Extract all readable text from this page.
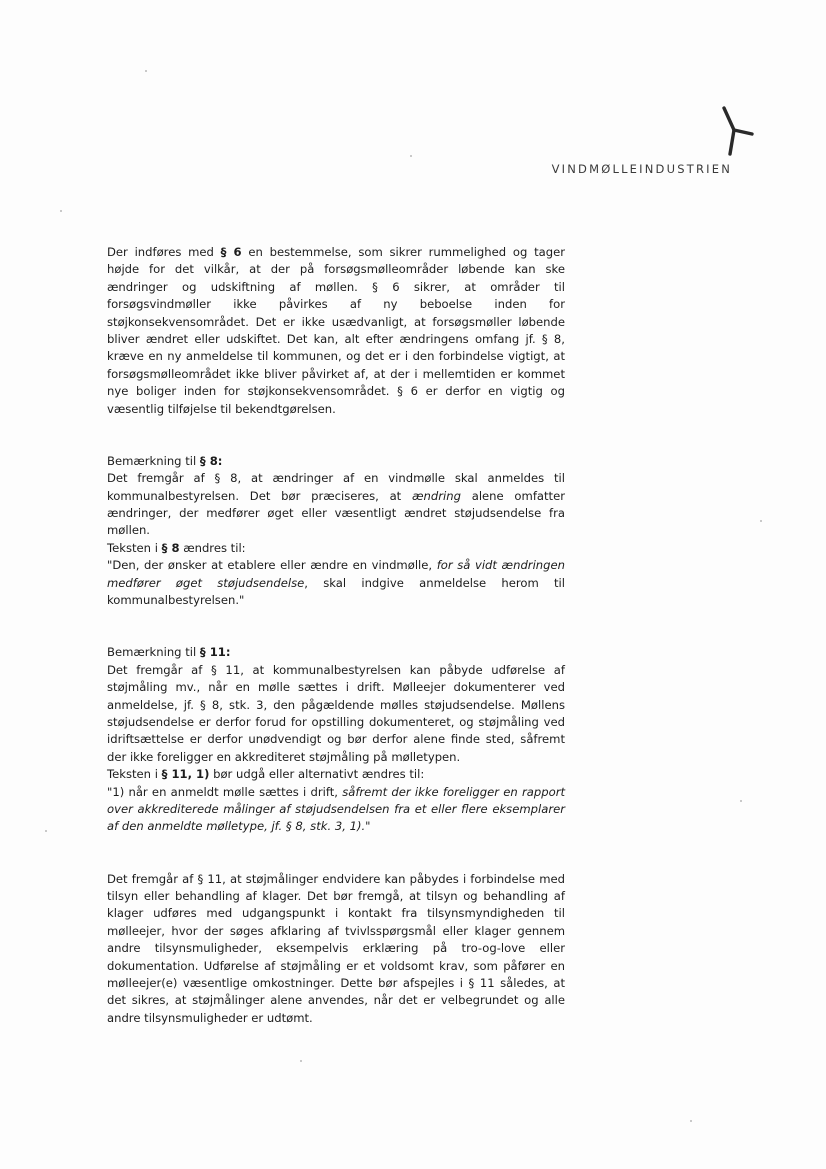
VINDMØLLEINDUSTRIEN

Der indføres med § 6 en bestemmelse, som sikrer rummelighed og tager højde for det vilkår, at der på forsøgsmølleområder løbende kan ske ændringer og udskiftning af møllen. § 6 sikrer, at områder til forsøgsvindmøller ikke påvirkes af ny beboelse inden for støjkonsekvensområdet. Det er ikke usædvanligt, at forsøgsmøller løbende bliver ændret eller udskiftet. Det kan, alt efter ændringens omfang jf. § 8, kræve en ny anmeldelse til kommunen, og det er i den forbindelse vigtigt, at forsøgsmølleområdet ikke bliver påvirket af, at der i mellemtiden er kommet nye boliger inden for støjkonsekvensområdet. § 6 er derfor en vigtig og væsentlig tilføjelse til bekendtgørelsen.

Bemærkning til § 8:

Det fremgår af § 8, at ændringer af en vindmølle skal anmeldes til kommunalbestyrelsen. Det bør præciseres, at ændring alene omfatter ændringer, der medfører øget eller væsentligt ændret støjudsendelse fra møllen.

Teksten i § 8 ændres til:

"Den, der ønsker at etablere eller ændre en vindmølle, for så vidt ændringen medfører øget støjudsendelse, skal indgive anmeldelse herom til kommunalbestyrelsen."

Bemærkning til § 11:

Det fremgår af § 11, at kommunalbestyrelsen kan påbyde udførelse af støjmåling mv., når en mølle sættes i drift. Mølleejer dokumenterer ved anmeldelse, jf. § 8, stk. 3, den pågældende mølles støjudsendelse. Møllens støjudsendelse er derfor forud for opstilling dokumenteret, og støjmåling ved idriftsættelse er derfor unødvendigt og bør derfor alene finde sted, såfremt der ikke foreligger en akkrediteret støjmåling på mølletypen.

Teksten i § 11, 1) bør udgå eller alternativt ændres til:

"1) når en anmeldt mølle sættes i drift, såfremt der ikke foreligger en rapport over akkrediterede målinger af støjudsendelsen fra et eller flere eksemplarer af den anmeldte mølletype, jf. § 8, stk. 3, 1)."

Det fremgår af § 11, at støjmålinger endvidere kan påbydes i forbindelse med tilsyn eller behandling af klager. Det bør fremgå, at tilsyn og behandling af klager udføres med udgangspunkt i kontakt fra tilsynsmyndigheden til mølleejer, hvor der søges afklaring af tvivlsspørgsmål eller klager gennem andre tilsynsmuligheder, eksempelvis erklæring på tro-og-love eller dokumentation. Udførelse af støjmåling er et voldsomt krav, som påfører en mølleejer(e) væsentlige omkostninger. Dette bør afspejles i § 11 således, at det sikres, at støjmålinger alene anvendes, når det er velbegrundet og alle andre tilsynsmuligheder er udtømt.
